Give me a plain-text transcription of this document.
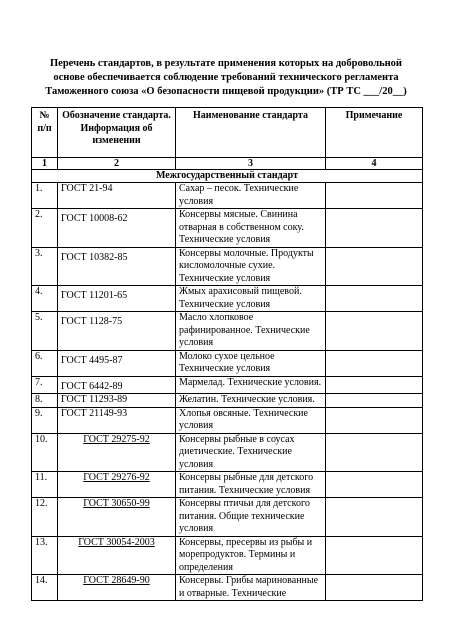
Перечень стандартов, в результате применения которых на добровольной
основе обеспечивается соблюдение требований технического регламента
Таможенного союза «О безопасности пищевой продукции» (ТР ТС ___/20__)
№ п/п	Обозначение стандарта. Информация об изменении	Наименование стандарта	Примечание
1	2	3	4
Межгосударственный стандарт			
1.	ГОСТ 21-94	Сахар – песок. Технические условия	
2.	ГОСТ 10008-62	Консервы мясные. Свинина отварная в собственном соку. Технические условия	
3.	ГОСТ 10382-85	Консервы молочные. Продукты кисломолочные сухие. Технические условия	
4.	ГОСТ 11201-65	Жмых арахисовый пищевой. Технические условия	
5.	ГОСТ 1128-75	Масло хлопковое рафинированное. Технические условия	
6.	ГОСТ 4495-87	Молоко сухое цельное Технические условия	
7.	ГОСТ 6442-89	Мармелад. Технические условия.	
8.	ГОСТ 11293-89	Желатин. Технические условия.	
9.	ГОСТ 21149-93	Хлопья овсяные. Технические условия	
10.	ГОСТ 29275-92	Консервы рыбные в соусах диетические. Технические условия	
11.	ГОСТ 29276-92	Консервы рыбные для детского питания. Технические условия	
12.	ГОСТ 30650-99	Консервы птичьи для детского питания. Общие технические условия	
13.	ГОСТ 30054-2003	Консервы, пресервы из рыбы и морепродуктов. Термины и определения	
14.	ГОСТ 28649-90	Консервы. Грибы маринованные и отварные. Технические	
